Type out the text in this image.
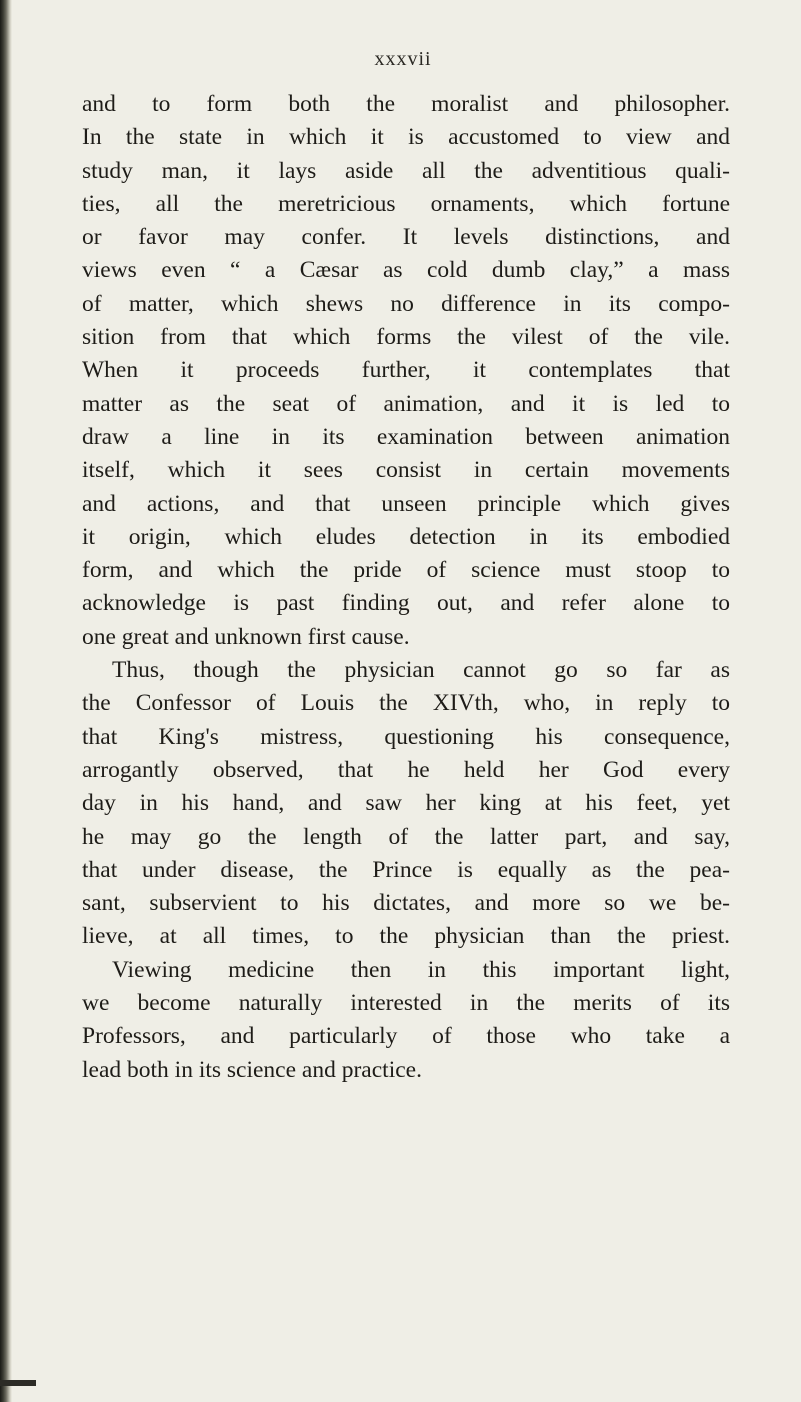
xxxvii

and to form both the moralist and philosopher.
In the state in which it is accustomed to view and
study man, it lays aside all the adventitious quali-
ties, all the meretricious ornaments, which fortune
or favor may confer. It levels distinctions, and
views even “ a Cæsar as cold dumb clay,” a mass
of matter, which shews no difference in its compo-
sition from that which forms the vilest of the vile.
When it proceeds further, it contemplates that
matter as the seat of animation, and it is led to
draw a line in its examination between animation
itself, which it sees consist in certain movements
and actions, and that unseen principle which gives
it origin, which eludes detection in its embodied
form, and which the pride of science must stoop to
acknowledge is past finding out, and refer alone to
one great and unknown first cause.

Thus, though the physician cannot go so far as
the Confessor of Louis the XIVth, who, in reply to
that King's mistress, questioning his consequence,
arrogantly observed, that he held her God every
day in his hand, and saw her king at his feet, yet
he may go the length of the latter part, and say,
that under disease, the Prince is equally as the pea-
sant, subservient to his dictates, and more so we be-
lieve, at all times, to the physician than the priest.

Viewing medicine then in this important light,
we become naturally interested in the merits of its
Professors, and particularly of those who take a
lead both in its science and practice.
